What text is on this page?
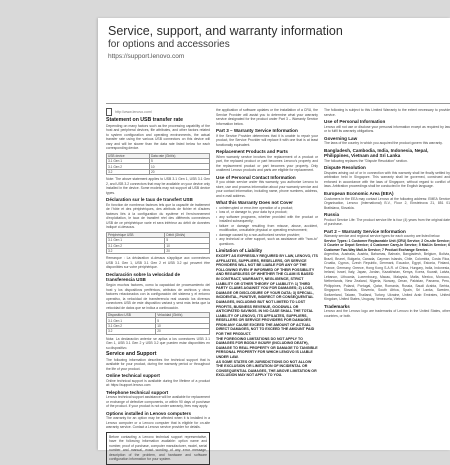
Service, support, and warranty information
for options and accessories
https://support.lenovo.com
http://www.lenovo.com/
Statement on USB transfer rate
Depending on many factors such as the processing capability of the host and peripheral devices, file attributes, and other factors related to system configuration and operating environments, the actual transfer rate using the various USB connectors on this device will vary and will be slower than the data rate listed below for each corresponding device.
USB device	Data rate (Gbit/s)
3.1 Gen 1	5
3.1 Gen 2	10
3.2	20
Note: The above statement applies to USB 3.1 Gen 1, USB 3.1 Gen 2, and USB 3.2 connectors that may be available on your device only installed in the device. Some models may not support all USB device types.
Déclaration sur le taux de transfert USB
En fonction de nombreux facteurs tels que la capacité de traitement de l'hôte et des périphériques, des attributs de fichier et d'autres facteurs liés à la configuration du système et l'environnement d'exploitation, le taux de transfert réel des différents connecteurs USB de ce périphérique varie et sera inférieur au débit de données indiqué ci-dessous.
Périphérique USB	Débit (Gbit/s)
3.1 Gen 1	5
3.1 Gen 2	10
3.2	20
Remarque : La déclaration ci-dessus s'applique aux connecteurs USB 3.1 Gen 1, USB 3.1 Gen 2 et USB 3.2 qui peuvent être disponibles sur votre périphérique.
Declaración sobre la velocidad de transferencia USB
Según muchos factores, como la capacidad de procesamiento del host y los dispositivos periféricos, atributos de archivos y otros factores relacionados con la configuración del sistema y el entorno operativo, la velocidad de transferencia real usando los diversos conectores USB de este dispositivo variará y será más lenta que la velocidad de datos que se indica a continuación.
Dispositivo USB	Velocidad (Gbit/s)
3.1 Gen 1	5
3.1 Gen 2	10
3.2	20
Nota: La declaración anterior se aplica a los conectores USB 3.1 Gen 1, USB 3.1 Gen 2 y USB 3.2 que pueden estar disponibles en su dispositivo.
Service and Support
The following information describes the technical support that is available for your product, during the warranty period or throughout the life of your product.
Online technical support
Online technical support is available during the lifetime of a product at: https://support.lenovo.com
Telephone technical support
Lenovo technical support assistance will be available for replacement or exchange of defective components, or within 90 days of purchase of the product. If your product is not under warranty, fees may apply.
Options installed in Lenovo computers
The warranty for an option may be affected when it is installed in a Lenovo computer or a Lenovo computer that is eligible for on-site warranty service. Contact a Lenovo service provider for details.
Before contacting a Lenovo technical support representative, have the following information available: option name and number, proof of purchase, computer manufacturer, model, serial number and manual, exact wording of any error message, description of the problem, and hardware and software configuration information for your system.
the application of software updates or the installation of a CRU, the Service Provider will assist you to determine what your warranty service designated for the product under Part 3 – Warranty Service Information below.
Part 3 – Warranty Service Information
If the Service Provider determines that it is unable to repair your product, the Service Provider will replace it with one that is at least functionally equivalent.
Replacement Products and Parts
When warranty service involves the replacement of a product or part, the replaced product or part becomes Lenovo's property and the replacement product or part becomes your property. Only unaltered Lenovo products and parts are eligible for replacement.
Use of Personal Contact Information
If you obtain service under this warranty, you authorize Lenovo to store, use and process information about your warranty service and your contact information, including name, phone numbers, address, and e-mail address.
What this Warranty Does not Cover
• uninterrupted or error-free operation of a product;
• loss of, or damage to, your data by a product;
• any software programs, whether provided with the product or installed subsequently;
• failure or damage resulting from misuse, abuse, accident, modification, unsuitable physical or operating environment;
• damage caused by a non-authorized service provider;
• any technical or other support, such as assistance with "how-to" questions.
Limitation of Liability
EXCEPT AS EXPRESSLY REQUIRED BY LAW, LENOVO, ITS AFFILIATES, SUPPLIERS, RESELLERS, OR SERVICE PROVIDERS WILL NOT BE LIABLE FOR ANY OF THE FOLLOWING EVEN IF INFORMED OF THEIR POSSIBILITY AND REGARDLESS OF WHETHER THE CLAIM IS BASED IN CONTRACT, WARRANTY, NEGLIGENCE, STRICT LIABILITY OR OTHER THEORY OF LIABILITY: 1) THIRD PARTY CLAIMS AGAINST YOU FOR DAMAGES; 2) LOSS, DAMAGE OR DISCLOSURE OF YOUR DATA; 3) SPECIAL, INCIDENTAL, PUNITIVE, INDIRECT OR CONSEQUENTIAL DAMAGES, INCLUDING BUT NOT LIMITED TO LOST PROFITS, BUSINESS REVENUE, GOODWILL OR ANTICIPATED SAVINGS. IN NO CASE SHALL THE TOTAL LIABILITY OF LENOVO, ITS AFFILIATES, SUPPLIERS, RESELLERS OR SERVICE PROVIDERS FOR DAMAGES FROM ANY CAUSE EXCEED THE AMOUNT OF ACTUAL DIRECT DAMAGES, NOT TO EXCEED THE AMOUNT PAID FOR THE PRODUCT.
THE FOREGOING LIMITATIONS DO NOT APPLY TO DAMAGES FOR BODILY INJURY (INCLUDING DEATH), DAMAGE TO REAL PROPERTY OR DAMAGE TO TANGIBLE PERSONAL PROPERTY FOR WHICH LENOVO IS LIABLE UNDER LAW.
AS SOME STATES OR JURISDICTIONS DO NOT ALLOW THE EXCLUSION OR LIMITATION OF INCIDENTAL OR CONSEQUENTIAL DAMAGES, THE ABOVE LIMITATION OR EXCLUSION MAY NOT APPLY TO YOU.
The following is subject to this Limited Warranty to the extent necessary to provide service.
Use of Personal Information
Lenovo will not use or disclose your personal information except as required by law or to fulfil its warranty obligations.
Governing Law
The laws of the country in which you acquired the product govern this warranty.
Bangladesh, Cambodia, India, Indonesia, Nepal, Philippines, Vietnam and Sri Lanka
The following replaces the "Dispute Resolution" section.
Dispute Resolution
Disputes arising out of or in connection with this warranty shall be finally settled by arbitration held in Singapore. This warranty shall be governed, construed and enforced in accordance with the laws of Singapore, without regard to conflict of laws. Arbitration proceedings shall be conducted in the English language.
European Economic Area (EEA)
Customers in the EEA may contact Lenovo at the following address: EMEA Service Organisation, Lenovo (International) B.V., Floor 2, Einsteinova 21, 851 01 Bratislava, Slovakia.
Russia
Product Service Life: The product service life is four (4) years from the original date of purchase.
Part 2 – Warranty Service Information
Warranty service and regional service types for each country are listed below.
Service Types: 1 Customer Replaceable Unit (CRU) Service; 2 On-site Service; 3 Courier or Depot Service; 4 Customer Carry-In Service; 5 Mail-In Service; 6 Customer Two-Way Mail-In Service; 7 Product Exchange Service.
Argentina, Australia, Austria, Bahamas, Bahrain, Bangladesh, Belgium, Bolivia, Brazil, Brunei, Bulgaria, Canada, Cayman Islands, Chile, Colombia, Costa Rica, Croatia, Cyprus, Czech Republic, Denmark, Ecuador, Egypt, Estonia, Finland, France, Germany, Greece, Hong Kong S.A.R. of China, Hungary, India, Indonesia, Ireland, Israel, Italy, Japan, Jordan, Kazakhstan, Kenya, Korea, Kuwait, Latvia, Lebanon, Lithuania, Luxembourg, Macau, Malaysia, Malta, Mexico, Morocco, Netherlands, New Zealand, Nigeria, Norway, Oman, Pakistan, Panama, Peru, Philippines, Poland, Portugal, Qatar, Romania, Russia, Saudi Arabia, Serbia, Singapore, Slovakia, Slovenia, South Africa, Spain, Sri Lanka, Sweden, Switzerland, Taiwan, Thailand, Turkey, Ukraine, United Arab Emirates, United Kingdom, United States, Uruguay, Venezuela, Vietnam.
Trademarks
Lenovo and the Lenovo logo are trademarks of Lenovo in the United States, other countries, or both.
